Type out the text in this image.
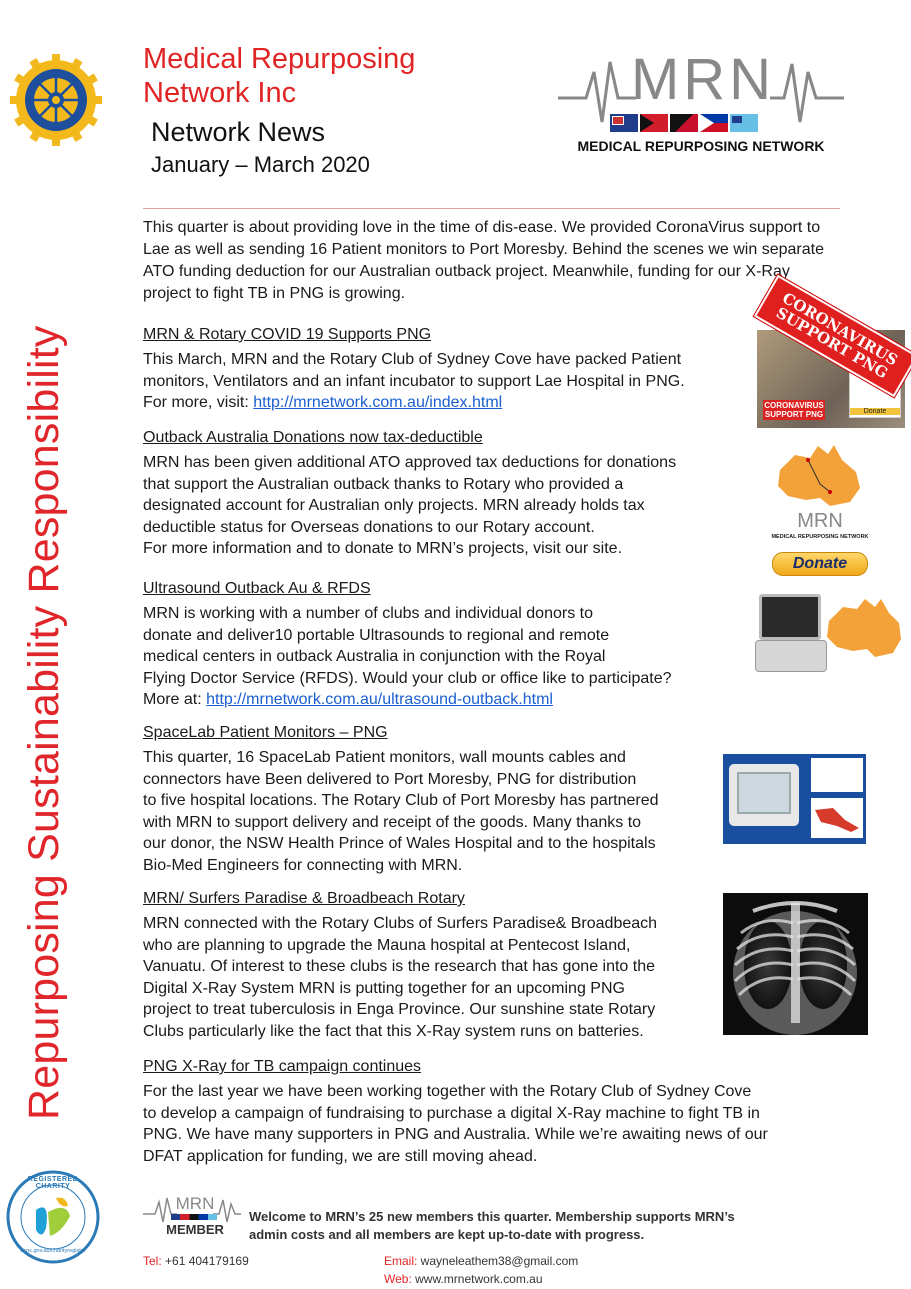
Repurposing Sustainability Responsibility
Medical Repurposing
Network Inc
Network News
January – March 2020
MRN
MEDICAL REPURPOSING NETWORK
This quarter is about providing love in the time of dis-ease. We provided CoronaVirus support to Lae as well as sending 16 Patient monitors to Port Moresby. Behind the scenes we win separate ATO funding deduction for our Australian outback project. Meanwhile, funding for our X-Ray project to fight TB in PNG is growing.
MRN & Rotary COVID 19 Supports PNG
This March, MRN and the Rotary Club of Sydney Cove have packed Patient
monitors, Ventilators and an infant incubator to support Lae Hospital in PNG.
For more, visit: http://mrnetwork.com.au/index.html
Donate
CORONAVIRUS SUPPORT PNG
CORONAVIRUS SUPPORT PNG
Outback Australia Donations now tax-deductible
MRN has been given additional ATO approved tax deductions for donations
that support the Australian outback thanks to Rotary who provided a
designated account for Australian only projects. MRN already holds tax
deductible status for Overseas donations to our Rotary account.
For more information and to donate to MRN’s projects, visit our site.
MRN
MEDICAL REPURPOSING NETWORK
Donate
Ultrasound Outback Au & RFDS
MRN is working with a number of clubs and individual donors to
donate and deliver10 portable Ultrasounds to regional and remote
medical centers in outback Australia in conjunction with the Royal
Flying Doctor Service (RFDS). Would your club or office like to participate?
More at: http://mrnetwork.com.au/ultrasound-outback.html
SpaceLab Patient Monitors – PNG
This quarter, 16 SpaceLab Patient monitors, wall mounts cables and
connectors have Been delivered to Port Moresby, PNG for distribution
to five hospital locations. The Rotary Club of Port Moresby has partnered
with MRN to support delivery and receipt of the goods. Many thanks to
our donor, the NSW Health Prince of Wales Hospital and to the hospitals
Bio-Med Engineers for connecting with MRN.
MRN/ Surfers Paradise & Broadbeach Rotary
MRN connected with the Rotary Clubs of Surfers Paradise& Broadbeach
who are planning to upgrade the Mauna hospital at Pentecost Island,
Vanuatu. Of interest to these clubs is the research that has gone into the
Digital X-Ray System MRN is putting together for an upcoming PNG
project to treat tuberculosis in Enga Province. Our sunshine state Rotary
Clubs particularly like the fact that this X-Ray system runs on batteries.
PNG X-Ray for TB campaign continues
For the last year we have been working together with the Rotary Club of Sydney Cove
to develop a campaign of fundraising to purchase a digital X-Ray machine to fight TB in
PNG. We have many supporters in PNG and Australia. While we’re awaiting news of our
DFAT application for funding, we are still moving ahead.
REGISTERED CHARITY
acnc.gov.au/charityregister
MRN
MEMBER
Welcome to MRN’s 25 new members this quarter. Membership supports MRN’s
admin costs and all members are kept up-to-date with progress.
Tel: +61 404179169	Email: wayneleathem38@gmail.com
Web: www.mrnetwork.com.au
